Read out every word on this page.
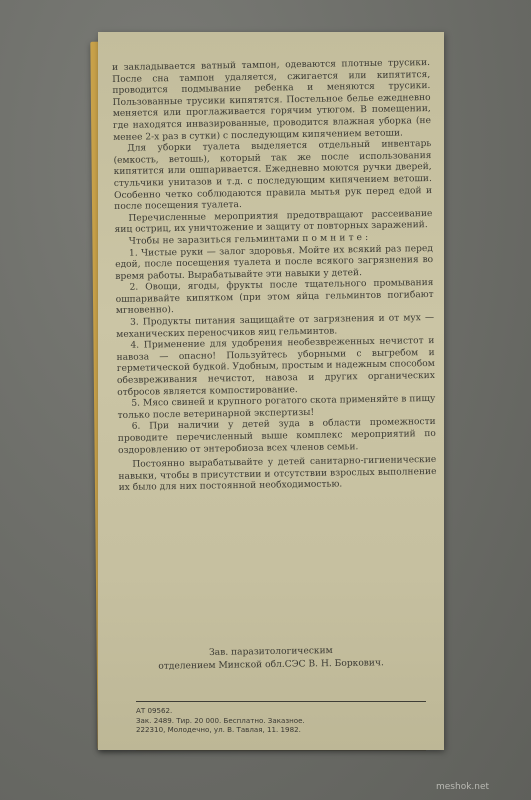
и закладывается ватный тампон, одеваются плотные трусики. После сна тампон удаляется, сжигается или кипятится, проводится подмывание ребенка и меняются трусики. Пользованные трусики кипятятся. Постельное белье ежедневно меняется или проглаживается горячим утюгом. В помещении, где находятся инвазированные, проводится влажная уборка (не менее 2-х раз в сутки) с последующим кипячением ветоши.

Для уборки туалета выделяется отдельный инвентарь (емкость, ветошь), который так же после использования кипятится или ошпаривается. Ежедневно моются ручки дверей, стульчики унитазов и т.д. с последующим кипячением ветоши. Особенно четко соблюдаются правила мытья рук перед едой и после посещения туалета.

Перечисленные мероприятия предотвращают рассеивание яиц остриц, их уничтожение и защиту от повторных заражений.

Чтобы не заразиться гельминтами п о м н и т е :

1. Чистые руки — залог здоровья. Мойте их всякий раз перед едой, после посещения туалета и после всякого загрязнения во время работы. Вырабатывайте эти навыки у детей.

2. Овощи, ягоды, фрукты после тщательного промывания ошпаривайте кипятком (при этом яйца гельминтов погибают мгновенно).

3. Продукты питания защищайте от загрязнения и от мух — механических переносчиков яиц гельминтов.

4. Применение для удобрения необезвреженных нечистот и навоза — опасно! Пользуйтесь уборными с выгребом и герметической будкой. Удобным, простым и надежным способом обезвреживания нечистот, навоза и других органических отбросов является компостирование.

5. Мясо свиней и крупного рогатого скота применяйте в пищу только после ветеринарной экспертизы!

6. При наличии у детей зуда в области промежности проводите перечисленный выше комплекс мероприятий по оздоровлению от энтеробиоза всех членов семьи.

Постоянно вырабатывайте у детей санитарно-гигиенические навыки, чтобы в присутствии и отсутствии взрослых выполнение их было для них постоянной необходимостью.

Зав. паразитологическим
отделением Минской обл.СЭС В. Н. Боркович.
АТ 09562.
Зак. 2489. Тир. 20 000. Бесплатно. Заказное.
222310, Молодечно, ул. В. Тавлая, 11. 1982.
meshok.net
